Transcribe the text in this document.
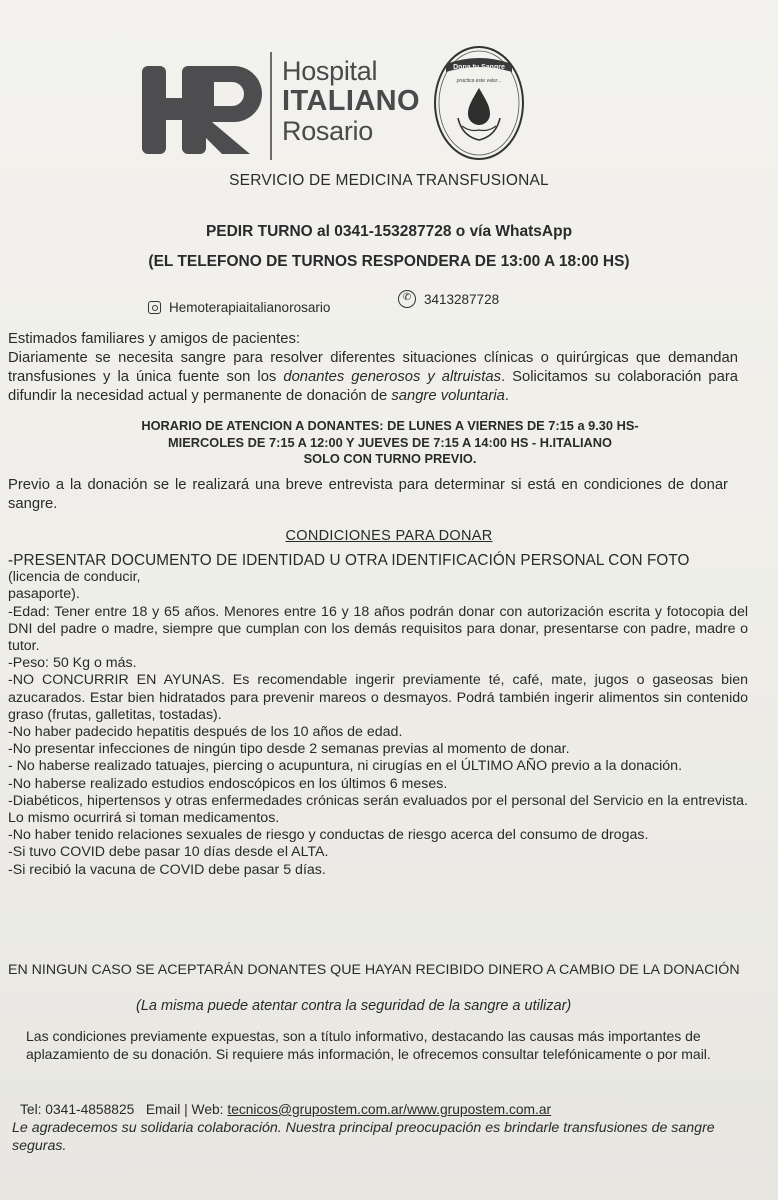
Hospital
ITALIANO
Rosario
Dona tu Sangre
practica este valor...
SERVICIO DE MEDICINA TRANSFUSIONAL
PEDIR TURNO al 0341-153287728 o vía WhatsApp
(EL TELEFONO DE TURNOS RESPONDERA DE 13:00 A 18:00 HS)
Hemoterapiaitalianorosario
✆ 3413287728
Estimados familiares y amigos de pacientes:
Diariamente se necesita sangre para resolver diferentes situaciones clínicas o quirúrgicas que demandan transfusiones y la única fuente son los donantes generosos y altruistas. Solicitamos su colaboración para difundir la necesidad actual y permanente de donación de sangre voluntaria.
HORARIO DE ATENCION A DONANTES: DE LUNES A VIERNES DE 7:15 a 9.30 HS-
MIERCOLES DE 7:15 A 12:00 Y JUEVES DE 7:15 A 14:00 HS - H.ITALIANO
SOLO CON TURNO PREVIO.
Previo a la donación se le realizará una breve entrevista para determinar si está en condiciones de donar sangre.
CONDICIONES PARA DONAR

-PRESENTAR DOCUMENTO DE IDENTIDAD U OTRA IDENTIFICACIÓN PERSONAL CON FOTO

(licencia de conducir,

pasaporte).

-Edad: Tener entre 18 y 65 años. Menores entre 16 y 18 años podrán donar con autorización escrita y fotocopia del DNI del padre o madre, siempre que cumplan con los demás requisitos para donar, presentarse con padre, madre o tutor.

-Peso: 50 Kg o más.

-NO CONCURRIR EN AYUNAS. Es recomendable ingerir previamente té, café, mate, jugos o gaseosas bien azucarados. Estar bien hidratados para prevenir mareos o desmayos. Podrá también ingerir alimentos sin contenido graso (frutas, galletitas, tostadas).

-No haber padecido hepatitis después de los 10 años de edad.

-No presentar infecciones de ningún tipo desde 2 semanas previas al momento de donar.

- No haberse realizado tatuajes, piercing o acupuntura, ni cirugías en el ÚLTIMO AÑO previo a la donación.

-No haberse realizado estudios endoscópicos en los últimos 6 meses.

-Diabéticos, hipertensos y otras enfermedades crónicas serán evaluados por el personal del Servicio en la entrevista. Lo mismo ocurrirá si toman medicamentos.

-No haber tenido relaciones sexuales de riesgo y conductas de riesgo acerca del consumo de drogas.

-Si tuvo COVID debe pasar 10 días desde el ALTA.

-Si recibió la vacuna de COVID debe pasar 5 días.

EN NINGUN CASO SE ACEPTARÁN DONANTES QUE HAYAN RECIBIDO DINERO A CAMBIO DE LA DONACIÓN
(La misma puede atentar contra la seguridad de la sangre a utilizar)
Las condiciones previamente expuestas, son a título informativo, destacando las causas más importantes de aplazamiento de su donación. Si requiere más información, le ofrecemos consultar telefónicamente o por mail.
Tel: 0341-4858825 Email | Web: tecnicos@grupostem.com.ar/www.grupostem.com.ar
Le agradecemos su solidaria colaboración. Nuestra principal preocupación es brindarle transfusiones de sangre seguras.
